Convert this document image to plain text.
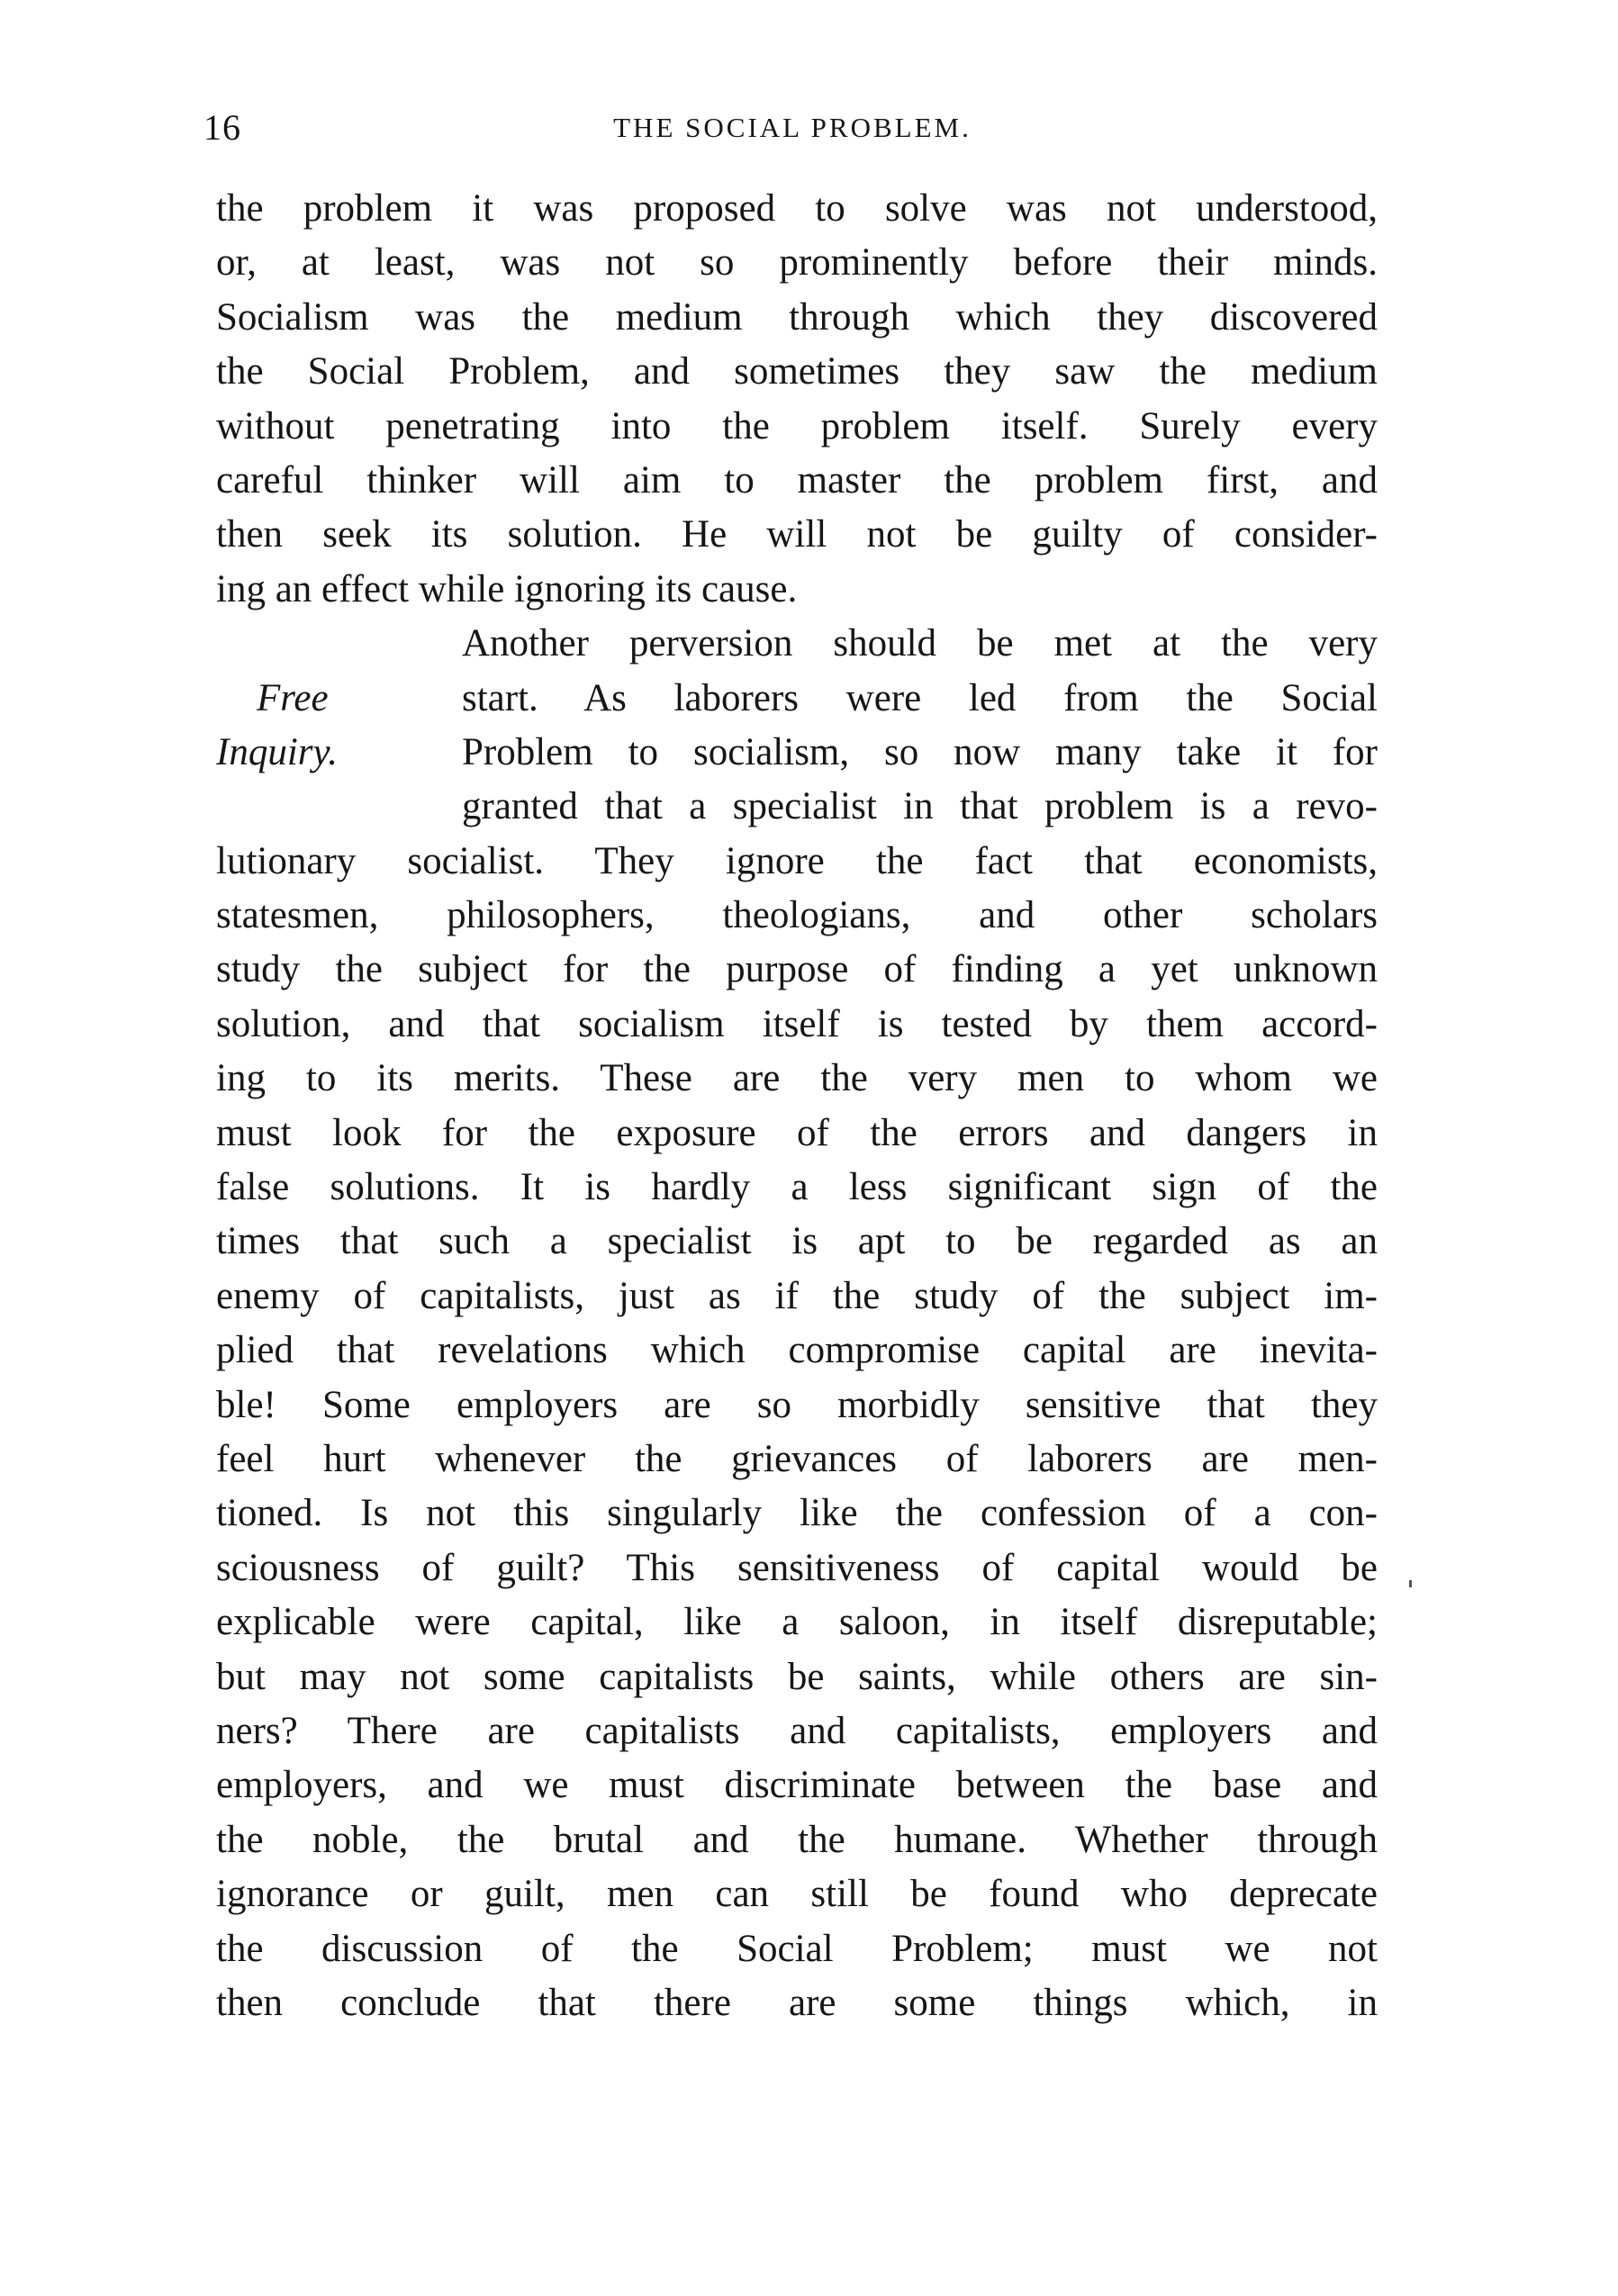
16	THE SOCIAL PROBLEM.
the problem it was proposed to solve was not understood,
or, at least, was not so prominently before their minds.
Socialism was the medium through which they discovered
the Social Problem, and sometimes they saw the medium
without penetrating into the problem itself. Surely every
careful thinker will aim to master the problem first, and
then seek its solution. He will not be guilty of consider-
ing an effect while ignoring its cause.
Another perversion should be met at the very
Free	start. As laborers were led from the Social
Inquiry.	Problem to socialism, so now many take it for
granted that a specialist in that problem is a revo-
lutionary socialist. They ignore the fact that economists,
statesmen, philosophers, theologians, and other scholars
study the subject for the purpose of finding a yet unknown
solution, and that socialism itself is tested by them accord-
ing to its merits. These are the very men to whom we
must look for the exposure of the errors and dangers in
false solutions. It is hardly a less significant sign of the
times that such a specialist is apt to be regarded as an
enemy of capitalists, just as if the study of the subject im-
plied that revelations which compromise capital are inevita-
ble! Some employers are so morbidly sensitive that they
feel hurt whenever the grievances of laborers are men-
tioned. Is not this singularly like the confession of a con-
sciousness of guilt? This sensitiveness of capital would be
explicable were capital, like a saloon, in itself disreputable;
but may not some capitalists be saints, while others are sin-
ners? There are capitalists and capitalists, employers and
employers, and we must discriminate between the base and
the noble, the brutal and the humane. Whether through
ignorance or guilt, men can still be found who deprecate
the discussion of the Social Problem; must we not
then conclude that there are some things which, in
